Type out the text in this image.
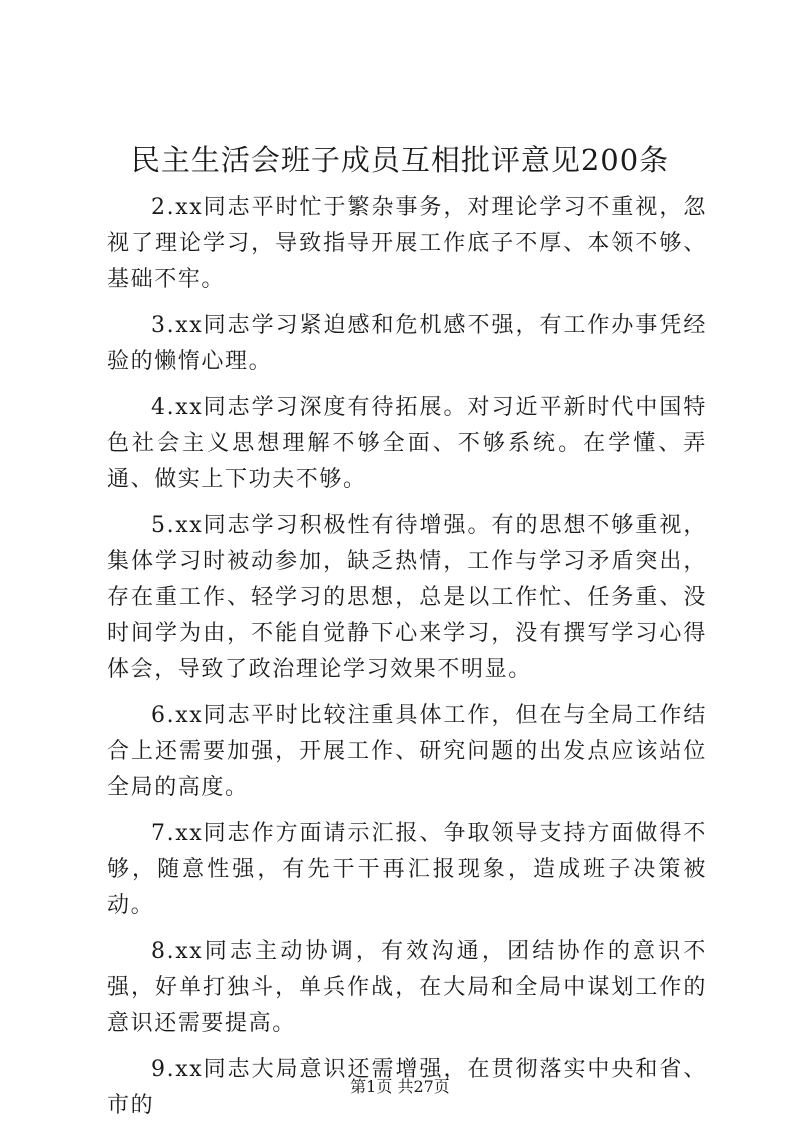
民主生活会班子成员互相批评意见200条

2.xx同志平时忙于繁杂事务，对理论学习不重视，忽视了理论学习，导致指导开展工作底子不厚、本领不够、基础不牢。

3.xx同志学习紧迫感和危机感不强，有工作办事凭经验的懒惰心理。

4.xx同志学习深度有待拓展。对习近平新时代中国特色社会主义思想理解不够全面、不够系统。在学懂、弄通、做实上下功夫不够。

5.xx同志学习积极性有待增强。有的思想不够重视，集体学习时被动参加，缺乏热情，工作与学习矛盾突出，存在重工作、轻学习的思想，总是以工作忙、任务重、没时间学为由，不能自觉静下心来学习，没有撰写学习心得体会，导致了政治理论学习效果不明显。

6.xx同志平时比较注重具体工作，但在与全局工作结合上还需要加强，开展工作、研究问题的出发点应该站位全局的高度。

7.xx同志作方面请示汇报、争取领导支持方面做得不够，随意性强，有先干干再汇报现象，造成班子决策被动。

8.xx同志主动协调，有效沟通，团结协作的意识不强，好单打独斗，单兵作战，在大局和全局中谋划工作的意识还需要提高。

9.xx同志大局意识还需增强，在贯彻落实中央和省、市的

第1页 共27页
